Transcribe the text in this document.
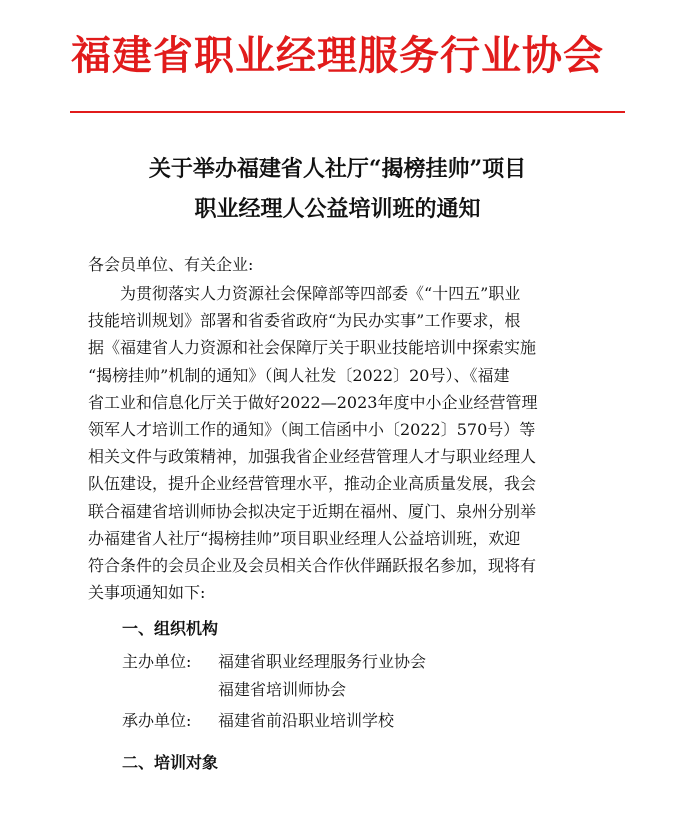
福建省职业经理服务行业协会
关于举办福建省人社厅“揭榜挂帅”项目
职业经理人公益培训班的通知
各会员单位、有关企业:
为贯彻落实人力资源社会保障部等四部委《“十四五”职业
技能培训规划》部署和省委省政府“为民办实事”工作要求，根
据《福建省人力资源和社会保障厅关于职业技能培训中探索实施
“揭榜挂帅”机制的通知》（闽人社发〔2022〕20号）、《福建
省工业和信息化厅关于做好2022—2023年度中小企业经营管理
领军人才培训工作的通知》（闽工信函中小〔2022〕570号）等
相关文件与政策精神，加强我省企业经营管理人才与职业经理人
队伍建设，提升企业经营管理水平，推动企业高质量发展，我会
联合福建省培训师协会拟决定于近期在福州、厦门、泉州分别举
办福建省人社厅“揭榜挂帅”项目职业经理人公益培训班，欢迎
符合条件的会员企业及会员相关合作伙伴踊跃报名参加，现将有
关事项通知如下:
一、组织机构
主办单位: 福建省职业经理服务行业协会
福建省培训师协会
承办单位: 福建省前沿职业培训学校
二、培训对象
